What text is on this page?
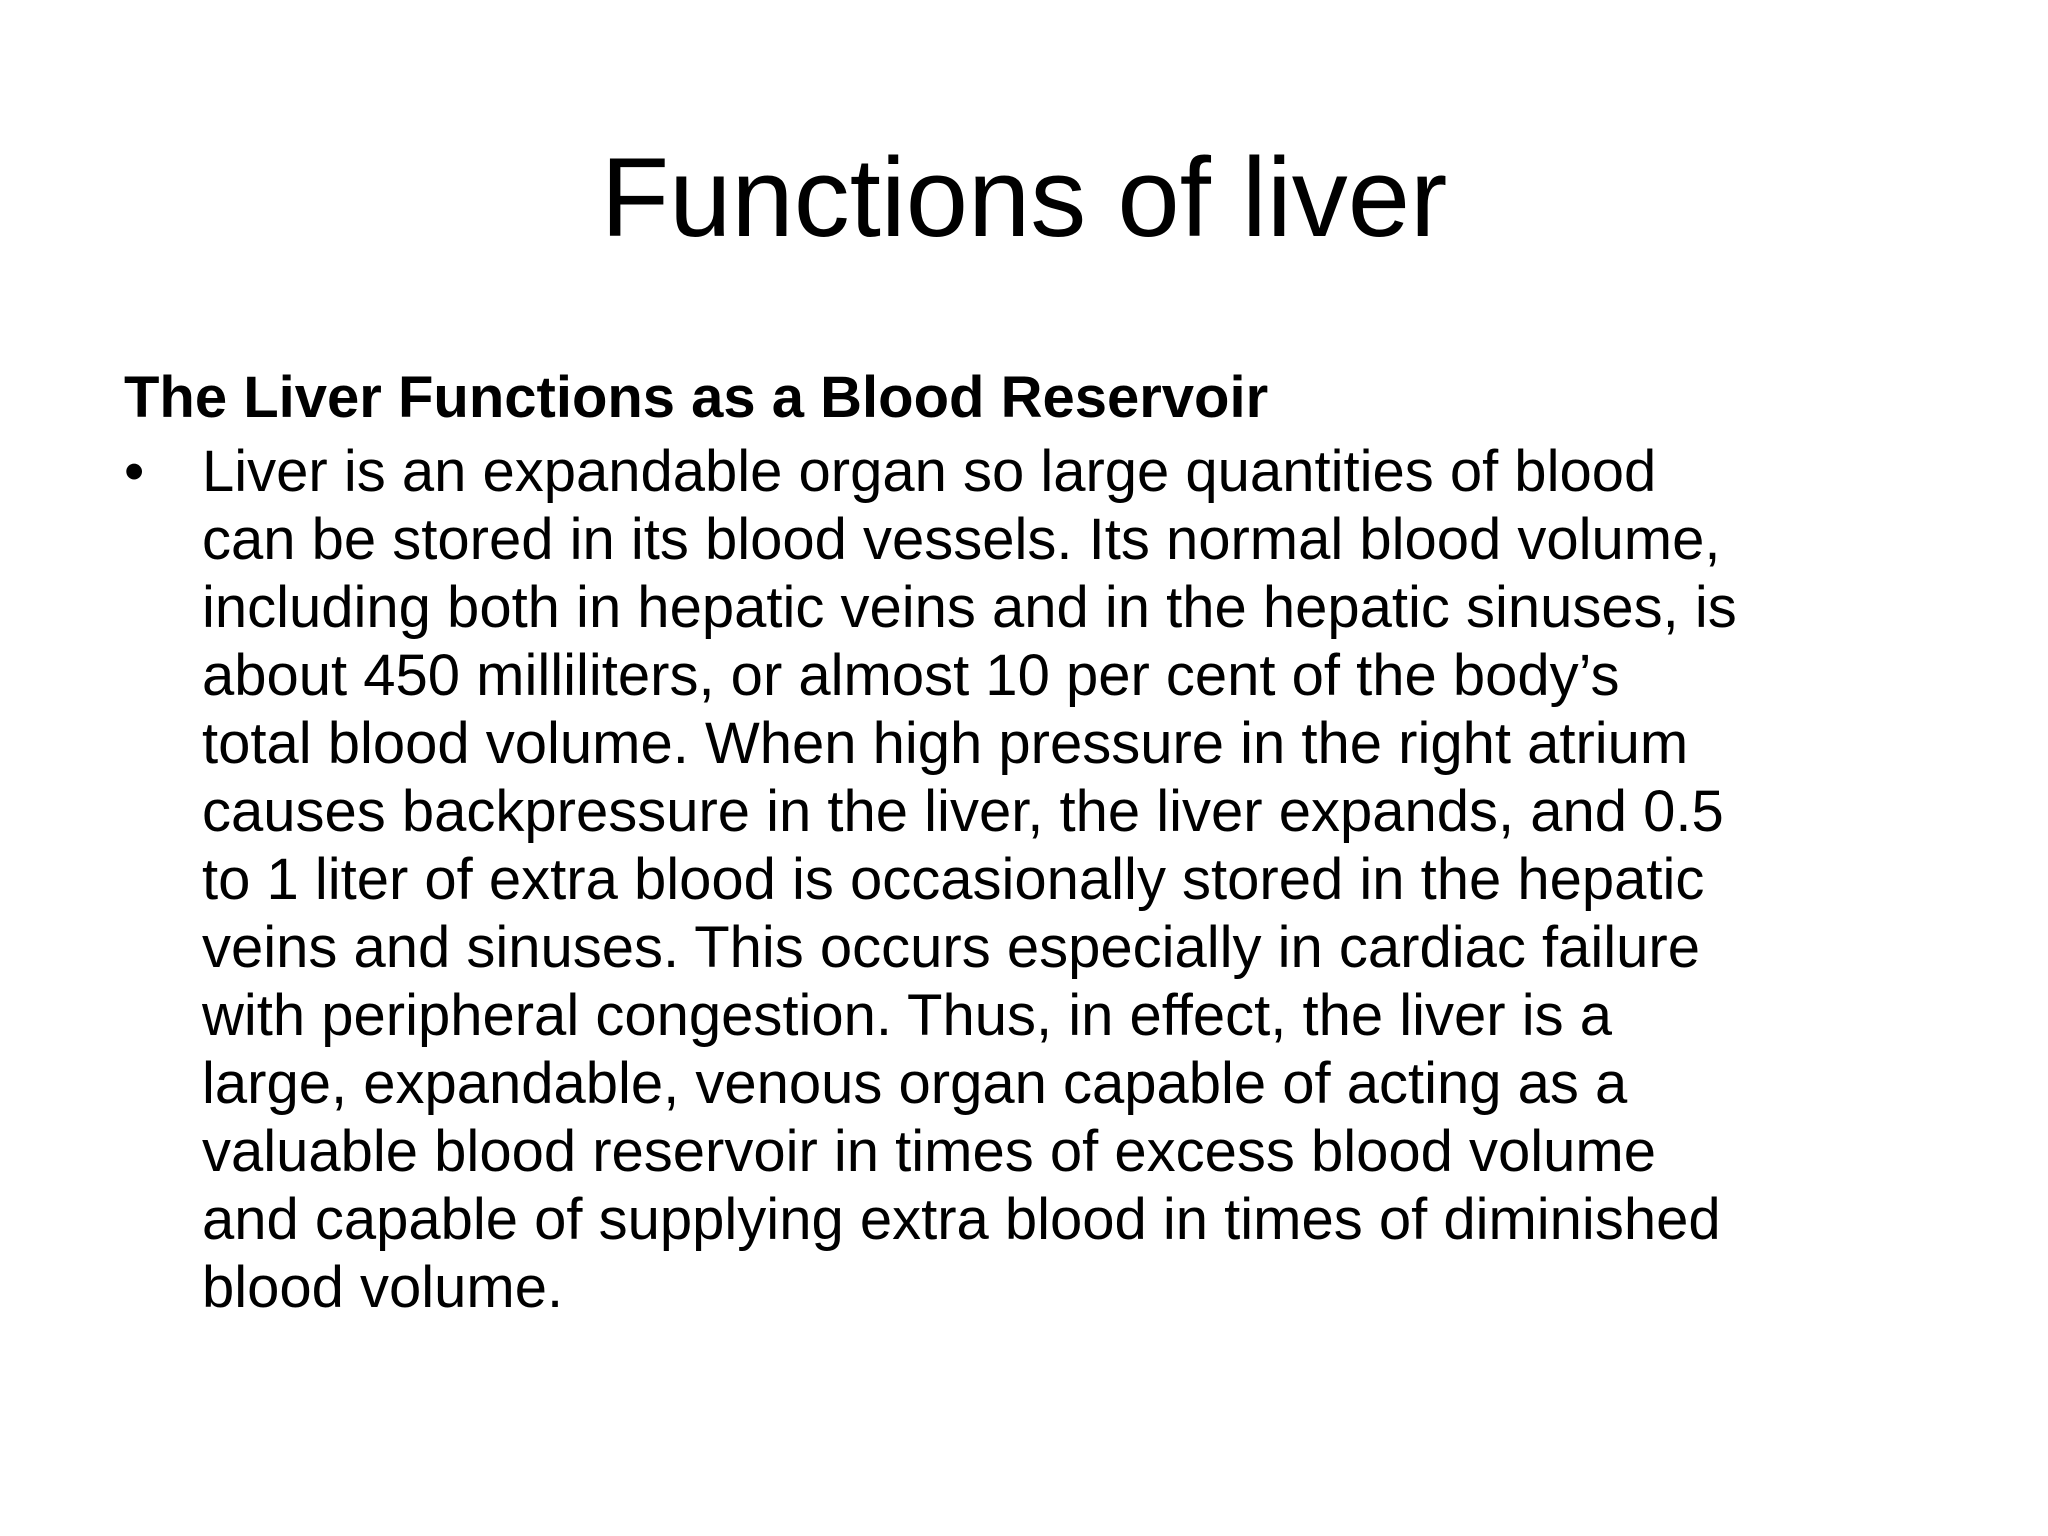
Functions of liver
The Liver Functions as a Blood Reservoir
• Liver is an expandable organ so large quantities of blood
can be stored in its blood vessels. Its normal blood volume,
including both in hepatic veins and in the hepatic sinuses, is
about 450 milliliters, or almost 10 per cent of the body’s
total blood volume. When high pressure in the right atrium
causes backpressure in the liver, the liver expands, and 0.5
to 1 liter of extra blood is occasionally stored in the hepatic
veins and sinuses. This occurs especially in cardiac failure
with peripheral congestion. Thus, in effect, the liver is a
large, expandable, venous organ capable of acting as a
valuable blood reservoir in times of excess blood volume
and capable of supplying extra blood in times of diminished
blood volume.
